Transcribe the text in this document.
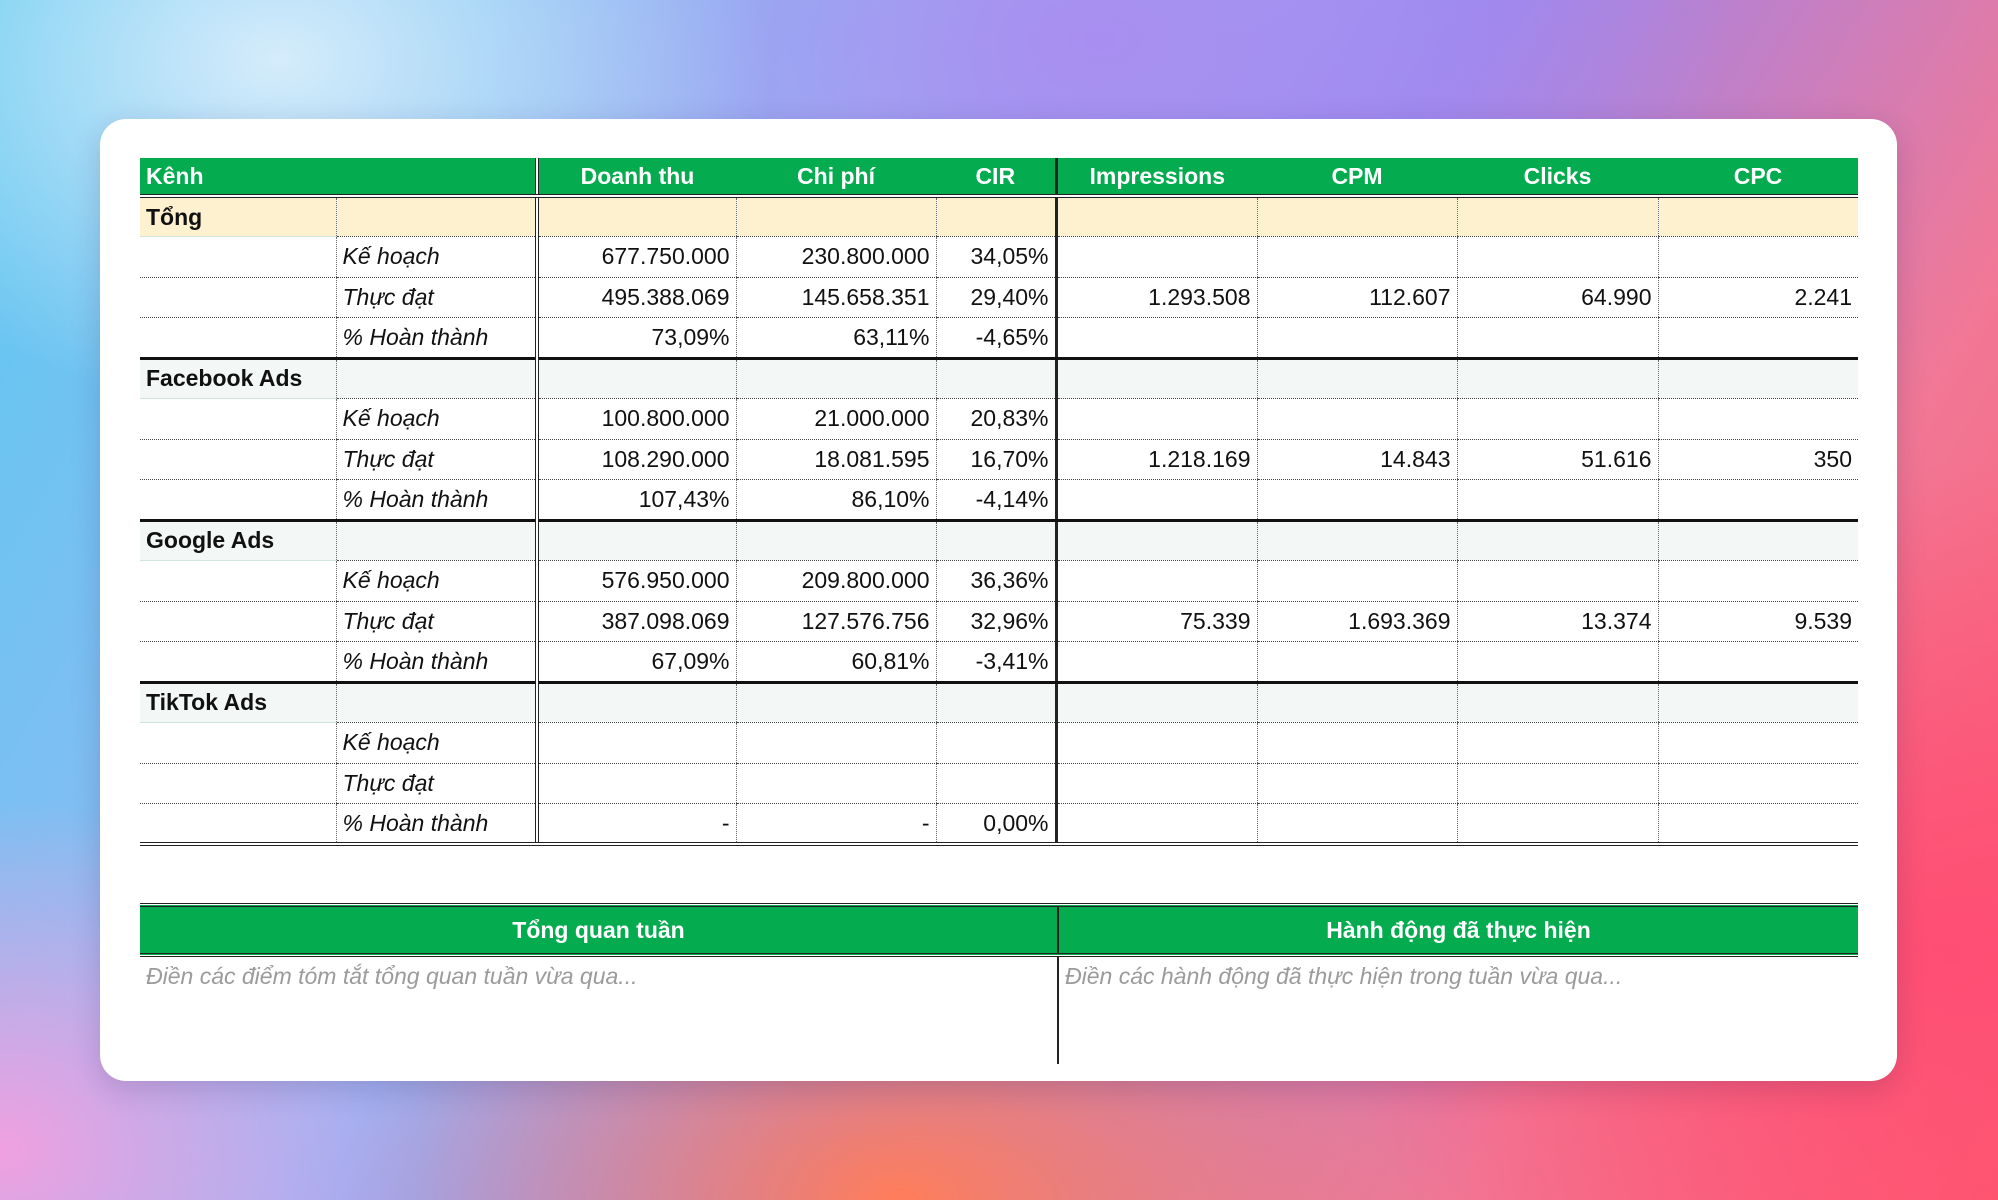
Kênh		Doanh thu	Chi phí	CIR	Impressions	CPM	Clicks	CPC
Tổng								
	Kế hoạch	677.750.000	230.800.000	34,05%				
	Thực đạt	495.388.069	145.658.351	29,40%	1.293.508	112.607	64.990	2.241
	% Hoàn thành	73,09%	63,11%	-4,65%				
Facebook Ads								
	Kế hoạch	100.800.000	21.000.000	20,83%				
	Thực đạt	108.290.000	18.081.595	16,70%	1.218.169	14.843	51.616	350
	% Hoàn thành	107,43%	86,10%	-4,14%				
Google Ads								
	Kế hoạch	576.950.000	209.800.000	36,36%				
	Thực đạt	387.098.069	127.576.756	32,96%	75.339	1.693.369	13.374	9.539
	% Hoàn thành	67,09%	60,81%	-3,41%				
TikTok Ads								
	Kế hoạch							
	Thực đạt							
	% Hoàn thành	-	-	0,00%				
Tổng quan tuần	Hành động đã thực hiện
Điền các điểm tóm tắt tổng quan tuần vừa qua...	Điền các hành động đã thực hiện trong tuần vừa qua...
